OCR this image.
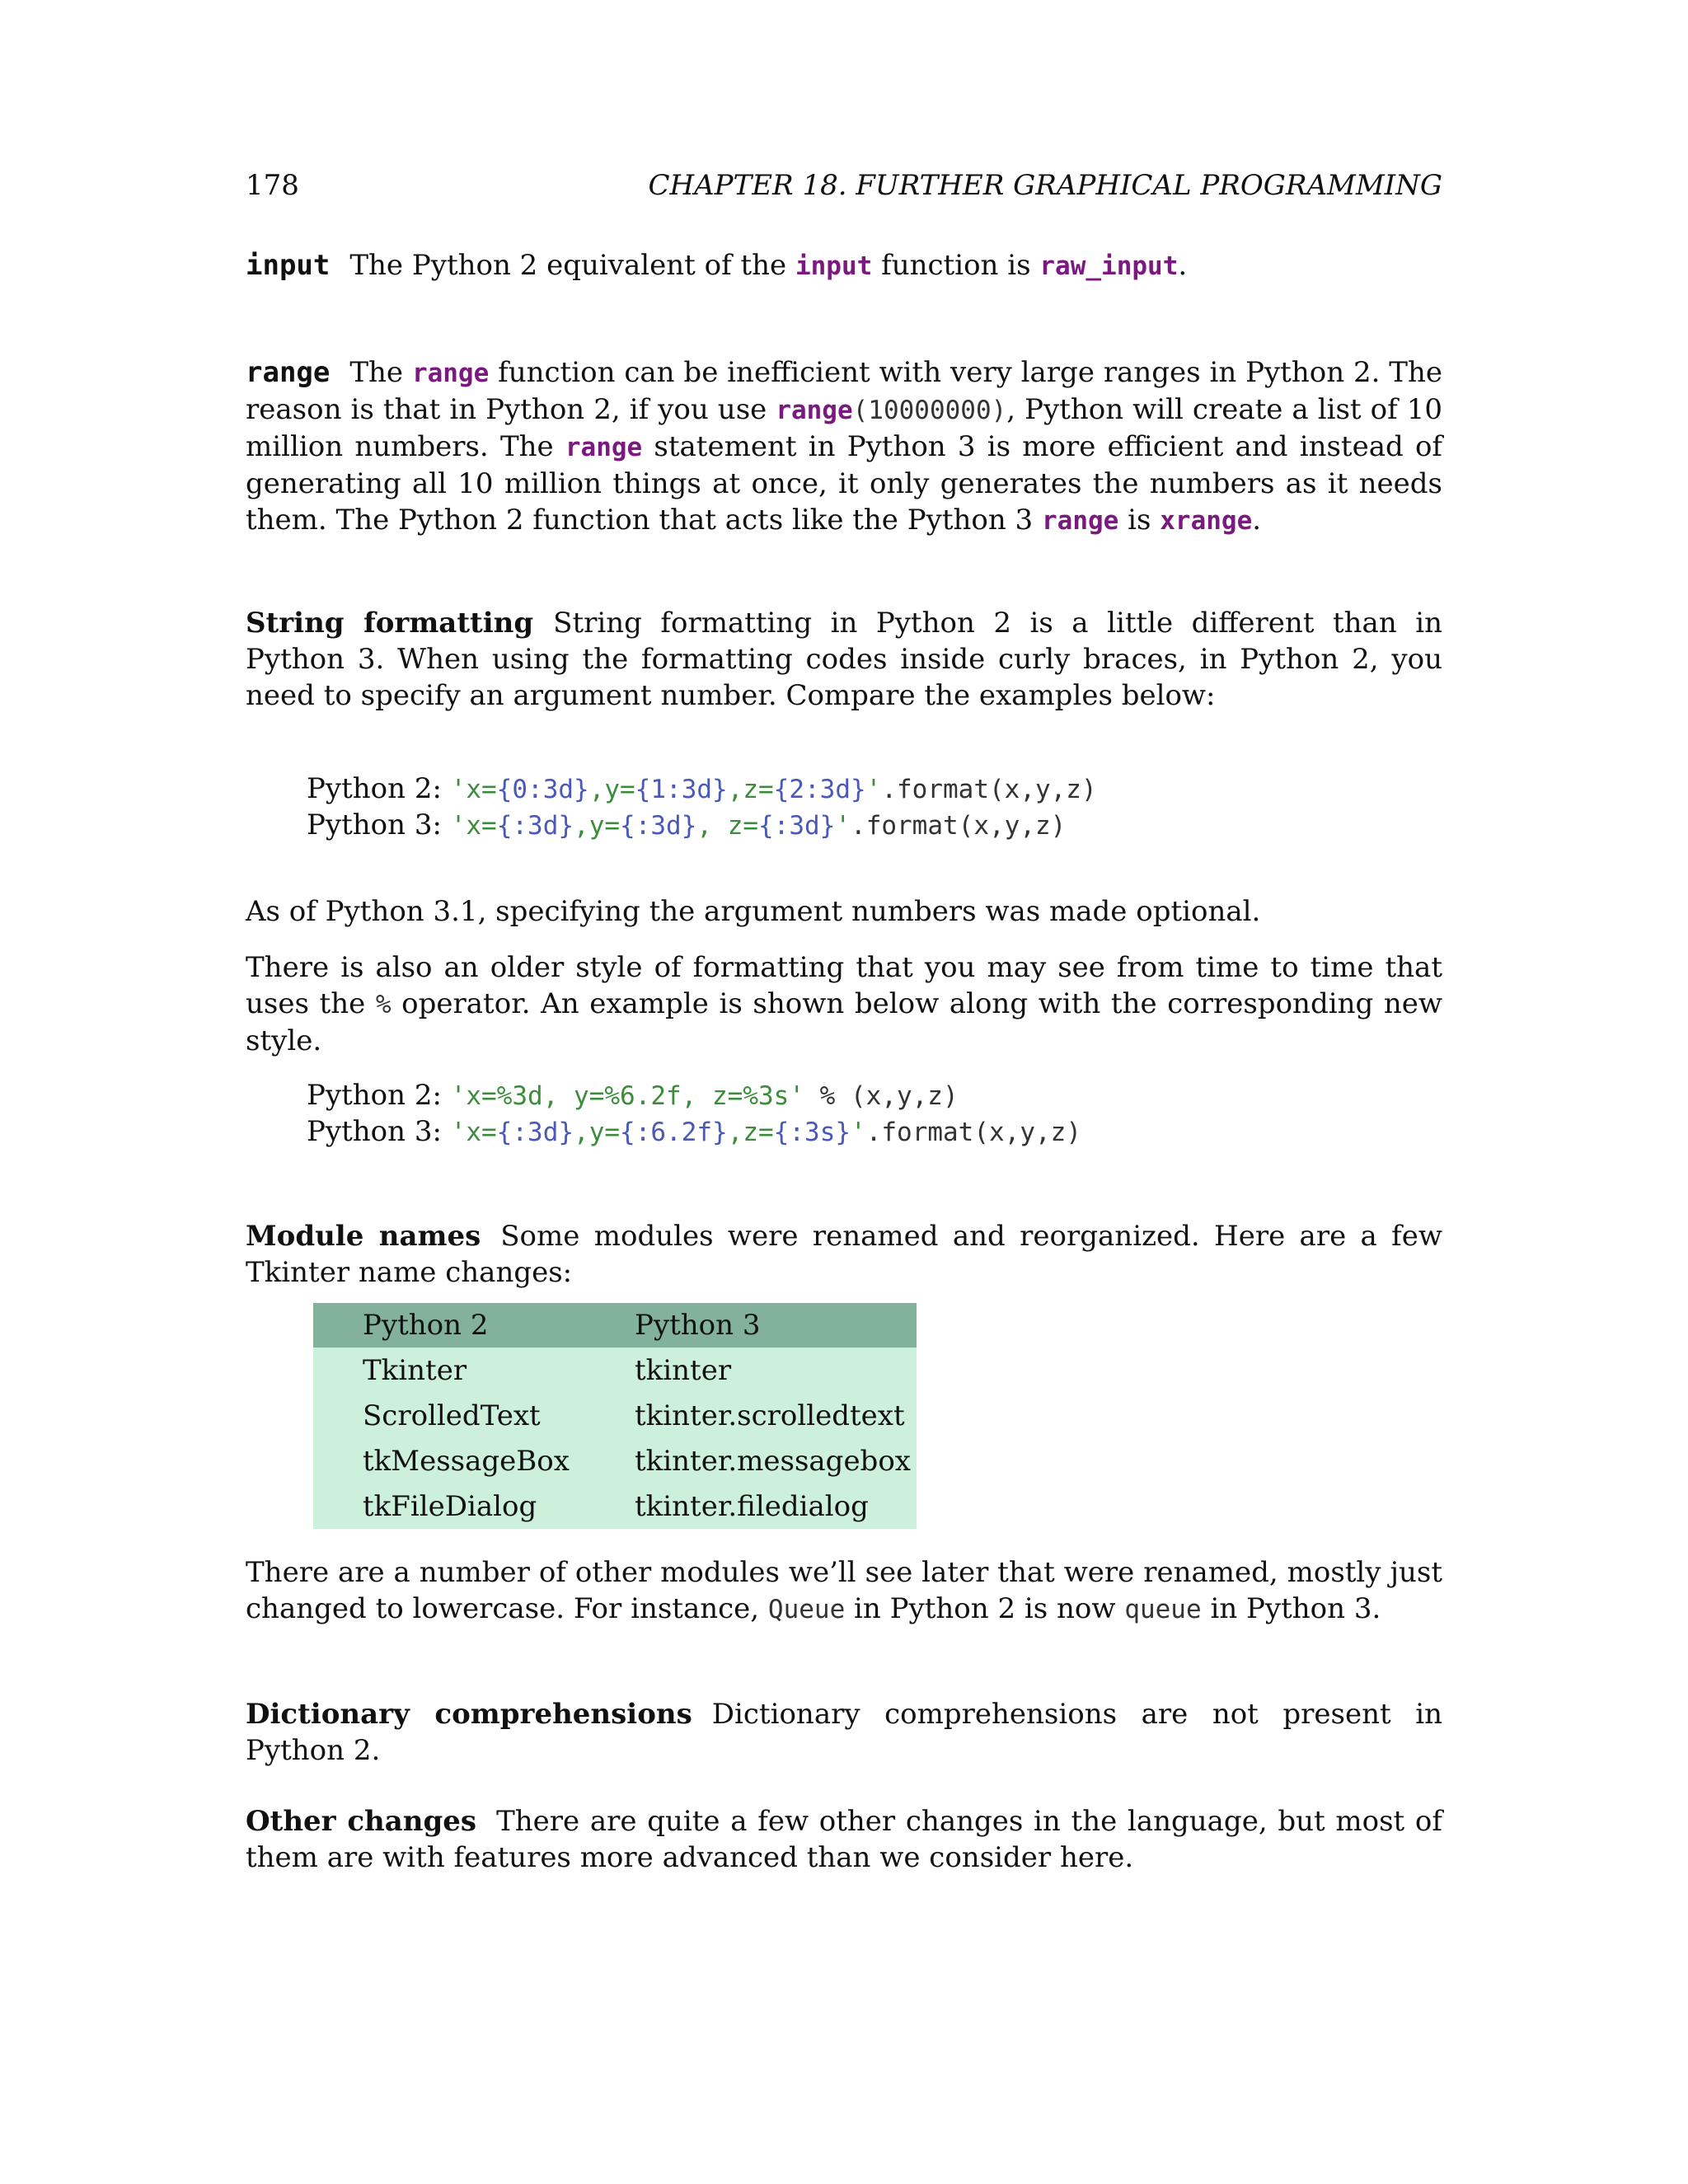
178	CHAPTER 18. FURTHER GRAPHICAL PROGRAMMING
input The Python 2 equivalent of the input function is raw_input.
range The range function can be inefficient with very large ranges in Python 2. The reason is that in Python 2, if you use range(10000000), Python will create a list of 10 million numbers. The range statement in Python 3 is more efficient and instead of generating all 10 million things at once, it only generates the numbers as it needs them. The Python 2 function that acts like the Python 3 range is xrange.
String formatting String formatting in Python 2 is a little different than in Python 3. When using the formatting codes inside curly braces, in Python 2, you need to specify an argument number. Compare the examples below:
Python 2: 'x={0:3d},y={1:3d},z={2:3d}'.format(x,y,z)
Python 3: 'x={:3d},y={:3d}, z={:3d}'.format(x,y,z)
As of Python 3.1, specifying the argument numbers was made optional.
There is also an older style of formatting that you may see from time to time that uses the % operator. An example is shown below along with the corresponding new style.
Python 2: 'x=%3d, y=%6.2f, z=%3s' % (x,y,z)
Python 3: 'x={:3d},y={:6.2f},z={:3s}'.format(x,y,z)
Module names Some modules were renamed and reorganized. Here are a few Tkinter name changes:
Python 2	Python 3
Tkinter	tkinter
ScrolledText	tkinter.scrolledtext
tkMessageBox	tkinter.messagebox
tkFileDialog	tkinter.filedialog
There are a number of other modules we’ll see later that were renamed, mostly just changed to lowercase. For instance, Queue in Python 2 is now queue in Python 3.
Dictionary comprehensions Dictionary comprehensions are not present in Python 2.
Other changes There are quite a few other changes in the language, but most of them are with features more advanced than we consider here.
